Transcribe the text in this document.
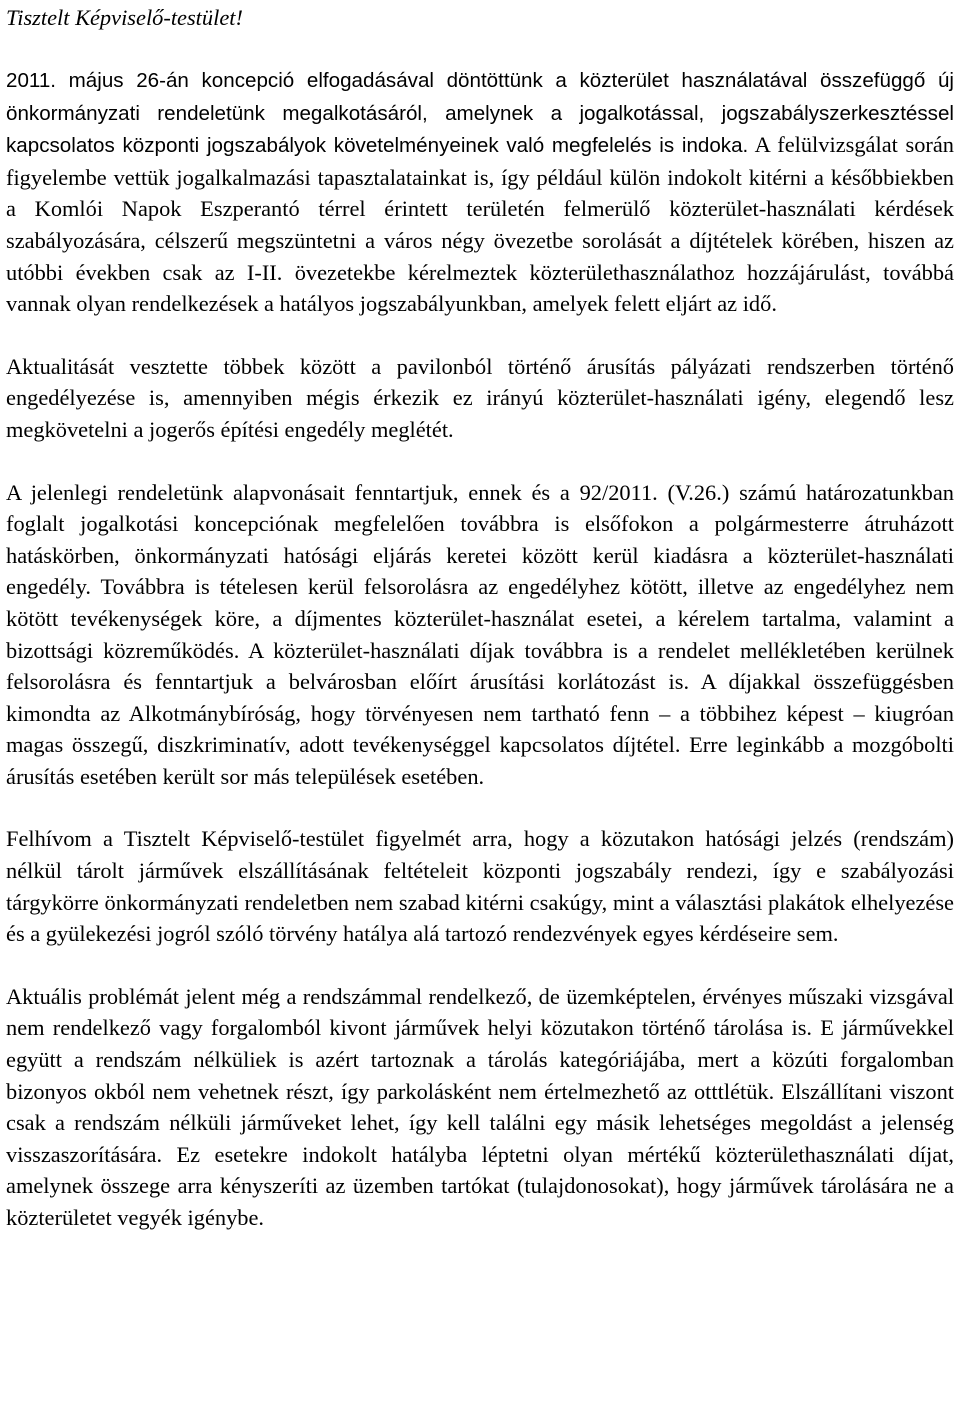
Tisztelt Képviselő-testület!

2011. május 26-án koncepció elfogadásával döntöttünk a közterület használatával összefüggő új önkormányzati rendeletünk megalkotásáról, amelynek a jogalkotással, jogszabályszerkesztéssel kapcsolatos központi jogszabályok követelményeinek való megfelelés is indoka. A felülvizsgálat során figyelembe vettük jogalkalmazási tapasztalatainkat is, így például külön indokolt kitérni a későbbiekben a Komlói Napok Eszperantó térrel érintett területén felmerülő közterület-használati kérdések szabályozására, célszerű megszüntetni a város négy övezetbe sorolását a díjtételek körében, hiszen az utóbbi években csak az I-II. övezetekbe kérelmeztek közterülethasználathoz hozzájárulást, továbbá vannak olyan rendelkezések a hatályos jogszabályunkban, amelyek felett eljárt az idő.

Aktualitását vesztette többek között a pavilonból történő árusítás pályázati rendszerben történő engedélyezése is, amennyiben mégis érkezik ez irányú közterület-használati igény, elegendő lesz megkövetelni a jogerős építési engedély meglétét.

A jelenlegi rendeletünk alapvonásait fenntartjuk, ennek és a 92/2011. (V.26.) számú határozatunkban foglalt jogalkotási koncepciónak megfelelően továbbra is elsőfokon a polgármesterre átruházott hatáskörben, önkormányzati hatósági eljárás keretei között kerül kiadásra a közterület-használati engedély. Továbbra is tételesen kerül felsorolásra az engedélyhez kötött, illetve az engedélyhez nem kötött tevékenységek köre, a díjmentes közterület-használat esetei, a kérelem tartalma, valamint a bizottsági közreműködés. A közterület-használati díjak továbbra is a rendelet mellékletében kerülnek felsorolásra és fenntartjuk a belvárosban előírt árusítási korlátozást is. A díjakkal összefüggésben kimondta az Alkotmánybíróság, hogy törvényesen nem tartható fenn – a többihez képest – kiugróan magas összegű, diszkriminatív, adott tevékenységgel kapcsolatos díjtétel. Erre leginkább a mozgóbolti árusítás esetében került sor más települések esetében.

Felhívom a Tisztelt Képviselő-testület figyelmét arra, hogy a közutakon hatósági jelzés (rendszám) nélkül tárolt járművek elszállításának feltételeit központi jogszabály rendezi, így e szabályozási tárgykörre önkormányzati rendeletben nem szabad kitérni csakúgy, mint a választási plakátok elhelyezése és a gyülekezési jogról szóló törvény hatálya alá tartozó rendezvények egyes kérdéseire sem.

Aktuális problémát jelent még a rendszámmal rendelkező, de üzemképtelen, érvényes műszaki vizsgával nem rendelkező vagy forgalomból kivont járművek helyi közutakon történő tárolása is. E járművekkel együtt a rendszám nélküliek is azért tartoznak a tárolás kategóriájába, mert a közúti forgalomban bizonyos okból nem vehetnek részt, így parkolásként nem értelmezhető az otttlétük. Elszállítani viszont csak a rendszám nélküli járműveket lehet, így kell találni egy másik lehetséges megoldást a jelenség visszaszorítására. Ez esetekre indokolt hatályba léptetni olyan mértékű közterülethasználati díjat, amelynek összege arra kényszeríti az üzemben tartókat (tulajdonosokat), hogy járművek tárolására ne a közterületet vegyék igénybe.
